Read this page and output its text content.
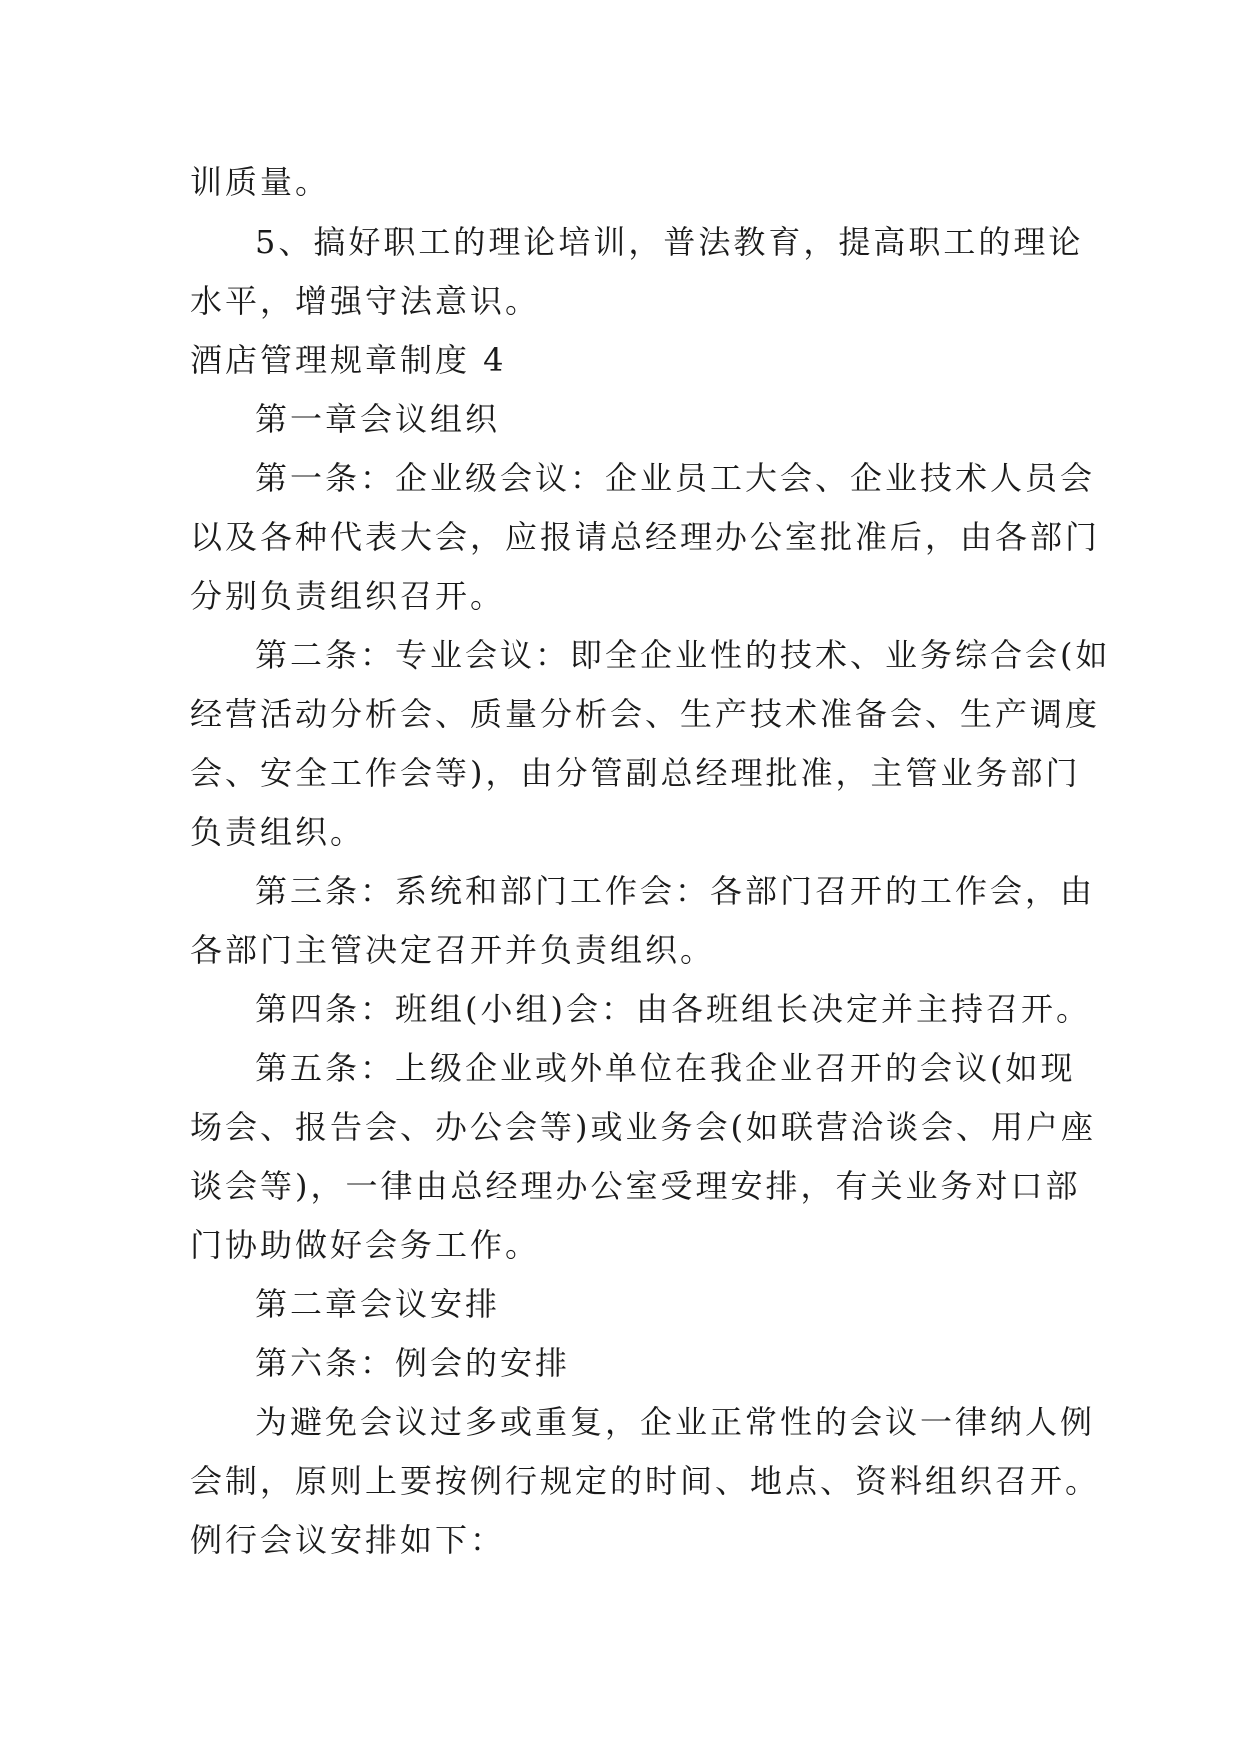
训质量。
5、搞好职工的理论培训，普法教育，提高职工的理论
水平，增强守法意识。
酒店管理规章制度 4
第一章会议组织
第一条：企业级会议：企业员工大会、企业技术人员会
以及各种代表大会，应报请总经理办公室批准后，由各部门
分别负责组织召开。
第二条：专业会议：即全企业性的技术、业务综合会(如
经营活动分析会、质量分析会、生产技术准备会、生产调度
会、安全工作会等)，由分管副总经理批准，主管业务部门
负责组织。
第三条：系统和部门工作会：各部门召开的工作会，由
各部门主管决定召开并负责组织。
第四条：班组(小组)会：由各班组长决定并主持召开。
第五条：上级企业或外单位在我企业召开的会议(如现
场会、报告会、办公会等)或业务会(如联营洽谈会、用户座
谈会等)，一律由总经理办公室受理安排，有关业务对口部
门协助做好会务工作。
第二章会议安排
第六条：例会的安排
为避免会议过多或重复，企业正常性的会议一律纳人例
会制，原则上要按例行规定的时间、地点、资料组织召开。
例行会议安排如下：
